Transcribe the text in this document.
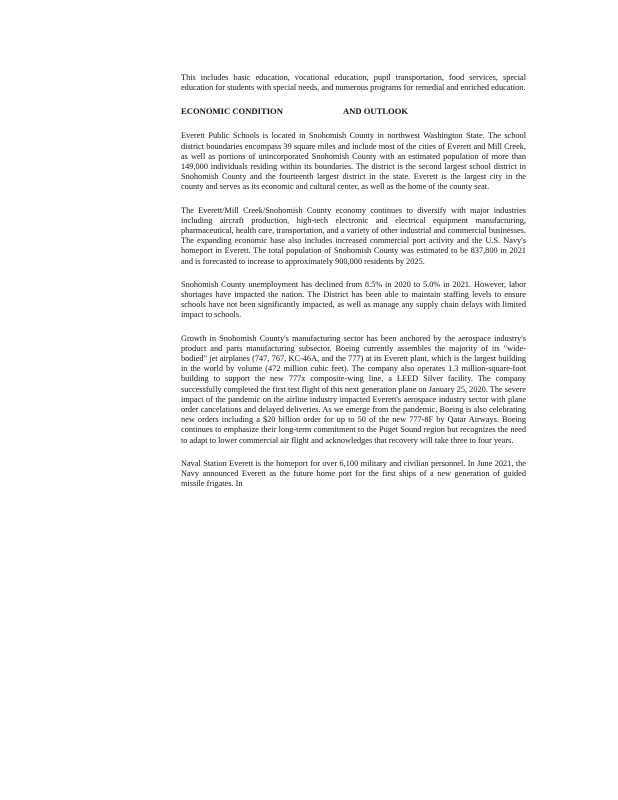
This includes basic education, vocational education, pupil transportation, food services, special education for students with special needs, and numerous programs for remedial and enriched education.

ECONOMIC CONDITION	AND OUTLOOK

Everett Public Schools is located in Snohomish County in northwest Washington State. The school district boundaries encompass 39 square miles and include most of the cities of Everett and Mill Creek, as well as portions of unincorporated Snohomish County with an estimated population of more than 149,000 individuals residing within its boundaries. The district is the second largest school district in Snohomish County and the fourteenth largest district in the state. Everett is the largest city in the county and serves as its economic and cultural center, as well as the home of the county seat.

The Everett/Mill Creek/Snohomish County economy continues to diversify with major industries including aircraft production, high-tech electronic and electrical equipment manufacturing, pharmaceutical, health care, transportation, and a variety of other industrial and commercial businesses. The expanding economic base also includes increased commercial port activity and the U.S. Navy's homeport in Everett. The total population of Snohomish County was estimated to be 837,800 in 2021 and is forecasted to increase to approximately 900,000 residents by 2025.

Snohomish County unemployment has declined from 8.5% in 2020 to 5.0% in 2021. However, labor shortages have impacted the nation. The District has been able to maintain staffing levels to ensure schools have not been significantly impacted, as well as manage any supply chain delays with limited impact to schools.

Growth in Snohomish County's manufacturing sector has been anchored by the aerospace industry's product and parts manufacturing subsector. Boeing currently assembles the majority of its "wide-bodied" jet airplanes (747, 767, KC-46A, and the 777) at its Everett plant, which is the largest building in the world by volume (472 million cubic feet). The company also operates 1.3 million-square-foot building to support the new 777x composite-wing line, a LEED Silver facility. The company successfully completed the first test flight of this next generation plane on January 25, 2020. The severe impact of the pandemic on the airline industry impacted Everett's aerospace industry sector with plane order cancelations and delayed deliveries. As we emerge from the pandemic, Boeing is also celebrating new orders including a $20 billion order for up to 50 of the new 777-8F by Qatar Airways. Boeing continues to emphasize their long-term commitment to the Puget Sound region but recognizes the need to adapt to lower commercial air flight and acknowledges that recovery will take three to four years.

Naval Station Everett is the homeport for over 6,100 military and civilian personnel. In June 2021, the Navy announced Everett as the future home port for the first ships of a new generation of guided missile frigates. In
